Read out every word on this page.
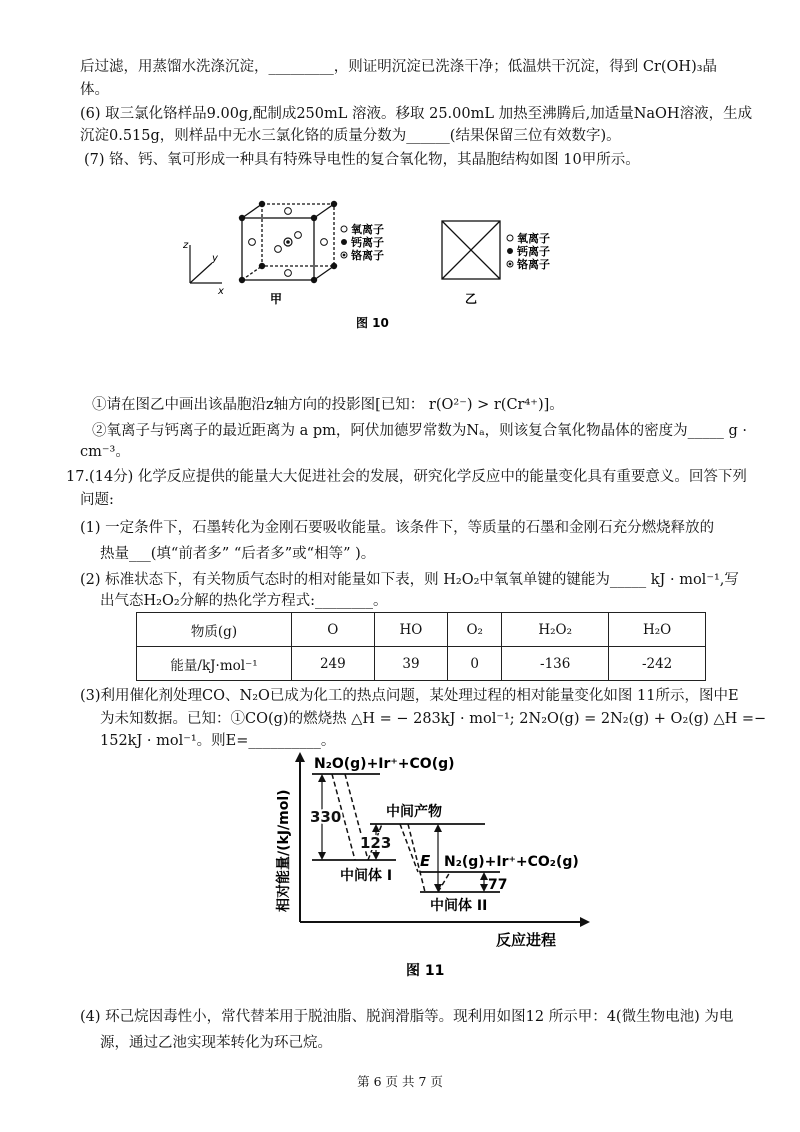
后过滤，用蒸馏水洗涤沉淀，_________，则证明沉淀已洗涤干净；低温烘干沉淀，得到 Cr(OH)₃晶
体。
(6) 取三氯化铬样品9.00g,配制成250mL 溶液。移取 25.00mL 加热至沸腾后,加适量NaOH溶液，生成
沉淀0.515g，则样品中无水三氯化铬的质量分数为______(结果保留三位有效数字)。
(7) 铬、钙、氧可形成一种具有特殊导电性的复合氧化物，其晶胞结构如图 10甲所示。
z
y
x
氧离子
钙离子
铬离子
氧离子
钙离子
铬离子
甲	乙
图 10
①请在图乙中画出该晶胞沿z轴方向的投影图[已知： r(O²⁻) > r(Cr⁴⁺)]。
②氧离子与钙离子的最近距离为 a pm，阿伏加德罗常数为Nₐ，则该复合氧化物晶体的密度为_____ g ·
cm⁻³。
17.(14分) 化学反应提供的能量大大促进社会的发展，研究化学反应中的能量变化具有重要意义。回答下列
问题:
(1) 一定条件下，石墨转化为金刚石要吸收能量。该条件下，等质量的石墨和金刚石充分燃烧释放的
热量___(填“前者多” “后者多”或“相等” )。
(2) 标准状态下，有关物质气态时的相对能量如下表，则 H₂O₂中氧氧单键的键能为_____ kJ · mol⁻¹,写
出气态H₂O₂分解的热化学方程式:________。
物质(g)	O	HO	O₂	H₂O₂	H₂O
能量/kJ·mol⁻¹	249	39	0	-136	-242
(3)利用催化剂处理CO、N₂O已成为化工的热点问题，某处理过程的相对能量变化如图 11所示，图中E
为未知数据。已知：①CO(g)的燃烧热 △H = − 283kJ · mol⁻¹; 2N₂O(g) = 2N₂(g) + O₂(g) △H =−
152kJ · mol⁻¹。则E=__________。
相对能量/(kJ/mol)
反应进程
330
123
E
77
N₂O(g)+Ir⁺+CO(g)
中间产物
中间体 I
N₂(g)+Ir⁺+CO₂(g)
中间体 II
图 11
(4) 环己烷因毒性小，常代替苯用于脱油脂、脱润滑脂等。现利用如图12 所示甲：4(微生物电池) 为电
源，通过乙池实现苯转化为环己烷。
第 6 页 共 7 页
